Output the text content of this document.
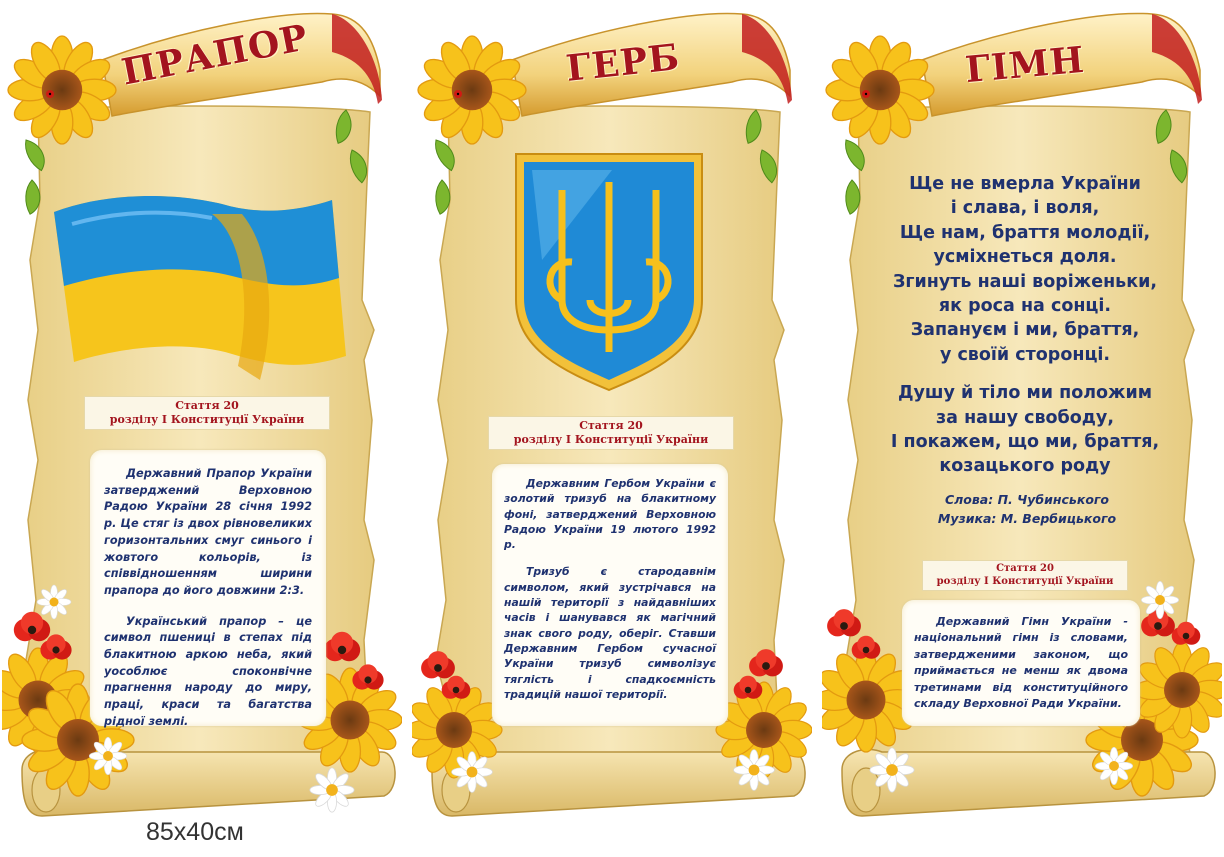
ПРАПОР
Стаття 20
розділу І Конституції України

Державний Прапор України затверджений Верховною Радою України 28 січня 1992 р. Це стяг із двох рівновеликих горизонтальних смуг синього і жовтого кольорів, із співвідношенням ширини прапора до його довжини 2:3.

Український прапор – це символ пшениці в степах під блакитною аркою неба, який уособлює споконвічне прагнення народу до миру, праці, краси та багатства рідної землі.

ГЕРБ
Стаття 20
розділу І Конституції України

Державним Гербом України є золотий тризуб на блакитному фоні, затверджений Верховною Радою України 19 лютого 1992 р.

Тризуб є стародавнім символом, який зустрічався на нашій території з найдавніших часів і шанувався як магічний знак свого роду, оберіг. Ставши Державним Гербом сучасної України тризуб символізує тяглість і спадкоємність традицій нашої території.

ГІМН
Ще не вмерла України
і слава, і воля,
Ще нам, браття молодії,
усміхнеться доля.
Згинуть наші воріженьки,
як роса на сонці.
Запануєм і ми, браття,
у своїй сторонці.
Душу й тіло ми положим
за нашу свободу,
І покажем, що ми, браття,
козацького роду
Слова: П. Чубинського
Музика: М. Вербицького
Стаття 20
розділу І Конституції України

Державний Гімн України - національний гімн із словами, затвердженими законом, що приймається не менш як двома третинами від конституційного складу Верховної Ради України.

85x40см
